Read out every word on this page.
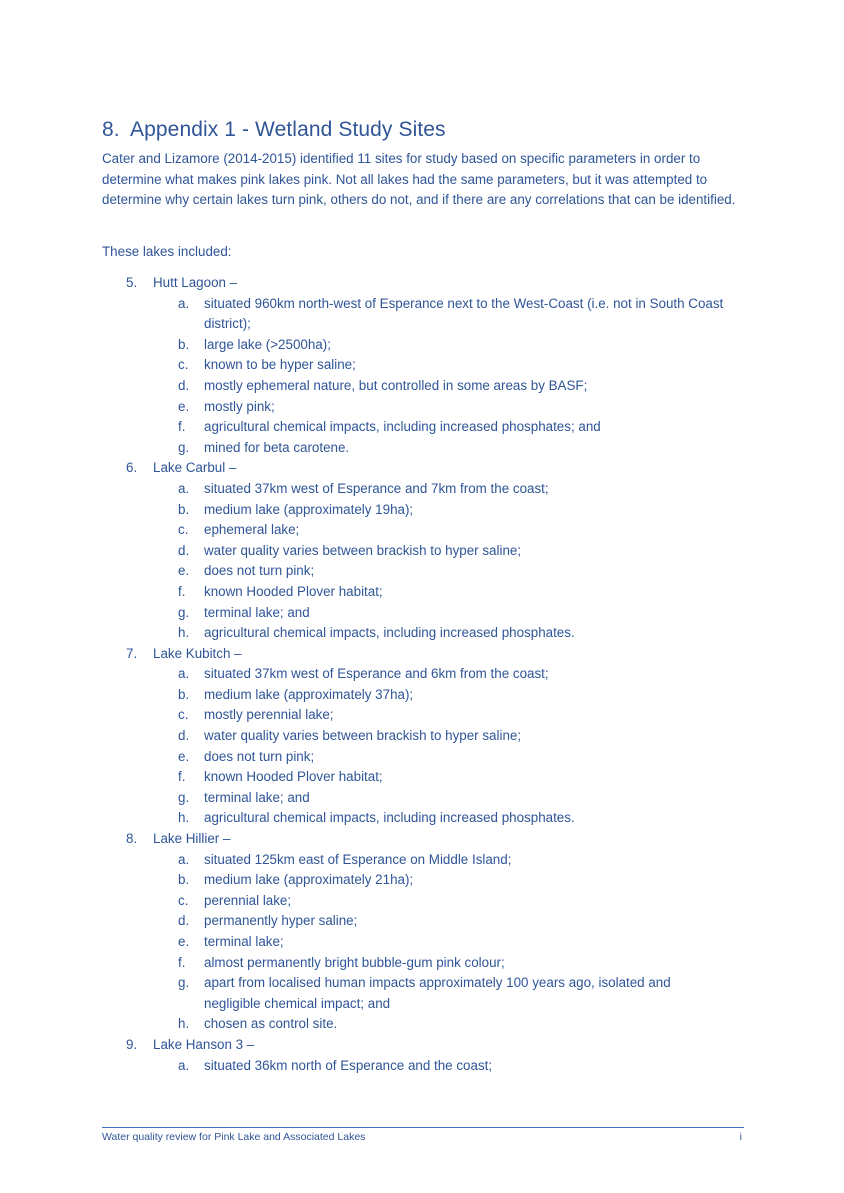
8. Appendix 1 - Wetland Study Sites
Cater and Lizamore (2014-2015) identified 11 sites for study based on specific parameters in order to determine what makes pink lakes pink. Not all lakes had the same parameters, but it was attempted to determine why certain lakes turn pink, others do not, and if there are any correlations that can be identified.
These lakes included:
5. Hutt Lagoon –
a. situated 960km north-west of Esperance next to the West-Coast (i.e. not in South Coast district);
b. large lake (>2500ha);
c. known to be hyper saline;
d. mostly ephemeral nature, but controlled in some areas by BASF;
e. mostly pink;
f. agricultural chemical impacts, including increased phosphates; and
g. mined for beta carotene.
6. Lake Carbul –
a. situated 37km west of Esperance and 7km from the coast;
b. medium lake (approximately 19ha);
c. ephemeral lake;
d. water quality varies between brackish to hyper saline;
e. does not turn pink;
f. known Hooded Plover habitat;
g. terminal lake; and
h. agricultural chemical impacts, including increased phosphates.
7. Lake Kubitch –
a. situated 37km west of Esperance and 6km from the coast;
b. medium lake (approximately 37ha);
c. mostly perennial lake;
d. water quality varies between brackish to hyper saline;
e. does not turn pink;
f. known Hooded Plover habitat;
g. terminal lake; and
h. agricultural chemical impacts, including increased phosphates.
8. Lake Hillier –
a. situated 125km east of Esperance on Middle Island;
b. medium lake (approximately 21ha);
c. perennial lake;
d. permanently hyper saline;
e. terminal lake;
f. almost permanently bright bubble-gum pink colour;
g. apart from localised human impacts approximately 100 years ago, isolated and negligible chemical impact; and
h. chosen as control site.
9. Lake Hanson 3 –
a. situated 36km north of Esperance and the coast;
Water quality review for Pink Lake and Associated Lakes	i
